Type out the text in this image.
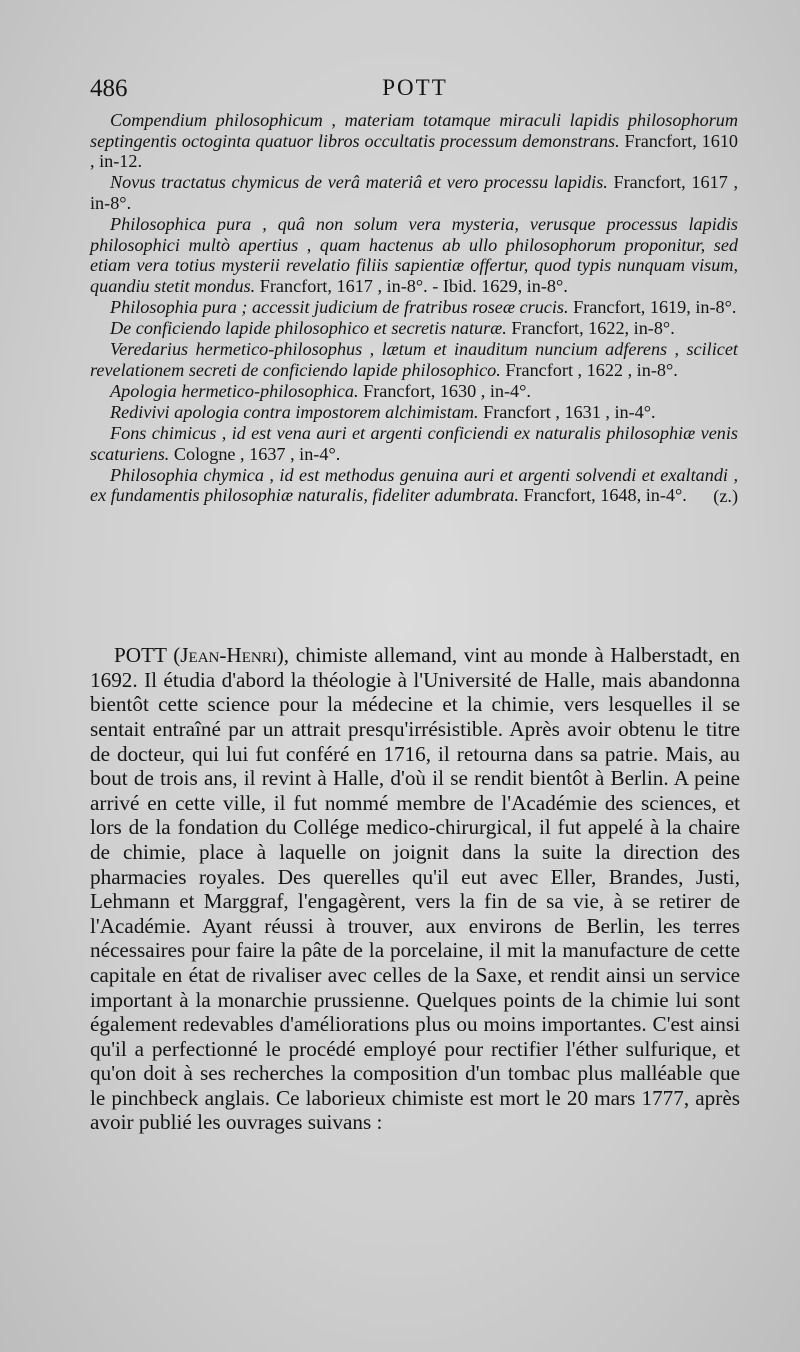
486	POTT

Compendium philosophicum , materiam totamque miraculi lapidis philosophorum septingentis octoginta quatuor libros occultatis processum demonstrans. Francfort, 1610 , in-12.

Novus tractatus chymicus de verâ materiâ et vero processu lapidis. Francfort, 1617 , in-8°.

Philosophica pura , quâ non solum vera mysteria, verusque processus lapidis philosophici multò apertius , quam hactenus ab ullo philosophorum proponitur, sed etiam vera totius mysterii revelatio filiis sapientiæ offertur, quod typis nunquam visum, quandiu stetit mondus. Francfort, 1617 , in-8°. - Ibid. 1629, in-8°.

Philosophia pura ; accessit judicium de fratribus roseæ crucis. Francfort, 1619, in-8°.

De conficiendo lapide philosophico et secretis naturæ. Francfort, 1622, in-8°.

Veredarius hermetico-philosophus , lætum et inauditum nuncium adferens , scilicet revelationem secreti de conficiendo lapide philosophico. Francfort , 1622 , in-8°.

Apologia hermetico-philosophica. Francfort, 1630 , in-4°.

Redivivi apologia contra impostorem alchimistam. Francfort , 1631 , in-4°.

Fons chimicus , id est vena auri et argenti conficiendi ex naturalis philosophiæ venis scaturiens. Cologne , 1637 , in-4°.

Philosophia chymica , id est methodus genuina auri et argenti solvendi et exaltandi , ex fundamentis philosophiæ naturalis, fideliter adumbrata. Francfort, 1648, in-4°.	(z.)

POTT (Jean-Henri), chimiste allemand, vint au monde à Halberstadt, en 1692. Il étudia d'abord la théologie à l'Université de Halle, mais abandonna bientôt cette science pour la médecine et la chimie, vers lesquelles il se sentait entraîné par un attrait presqu'irrésistible. Après avoir obtenu le titre de docteur, qui lui fut conféré en 1716, il retourna dans sa patrie. Mais, au bout de trois ans, il revint à Halle, d'où il se rendit bientôt à Berlin. A peine arrivé en cette ville, il fut nommé membre de l'Académie des sciences, et lors de la fondation du Collége medico-chirurgical, il fut appelé à la chaire de chimie, place à laquelle on joignit dans la suite la direction des pharmacies royales. Des querelles qu'il eut avec Eller, Brandes, Justi, Lehmann et Marggraf, l'engagèrent, vers la fin de sa vie, à se retirer de l'Académie. Ayant réussi à trouver, aux environs de Berlin, les terres nécessaires pour faire la pâte de la porcelaine, il mit la manufacture de cette capitale en état de rivaliser avec celles de la Saxe, et rendit ainsi un service important à la monarchie prussienne. Quelques points de la chimie lui sont également redevables d'améliorations plus ou moins importantes. C'est ainsi qu'il a perfectionné le procédé employé pour rectifier l'éther sulfurique, et qu'on doit à ses recherches la composition d'un tombac plus malléable que le pinchbeck anglais. Ce laborieux chimiste est mort le 20 mars 1777, après avoir publié les ouvrages suivans :
